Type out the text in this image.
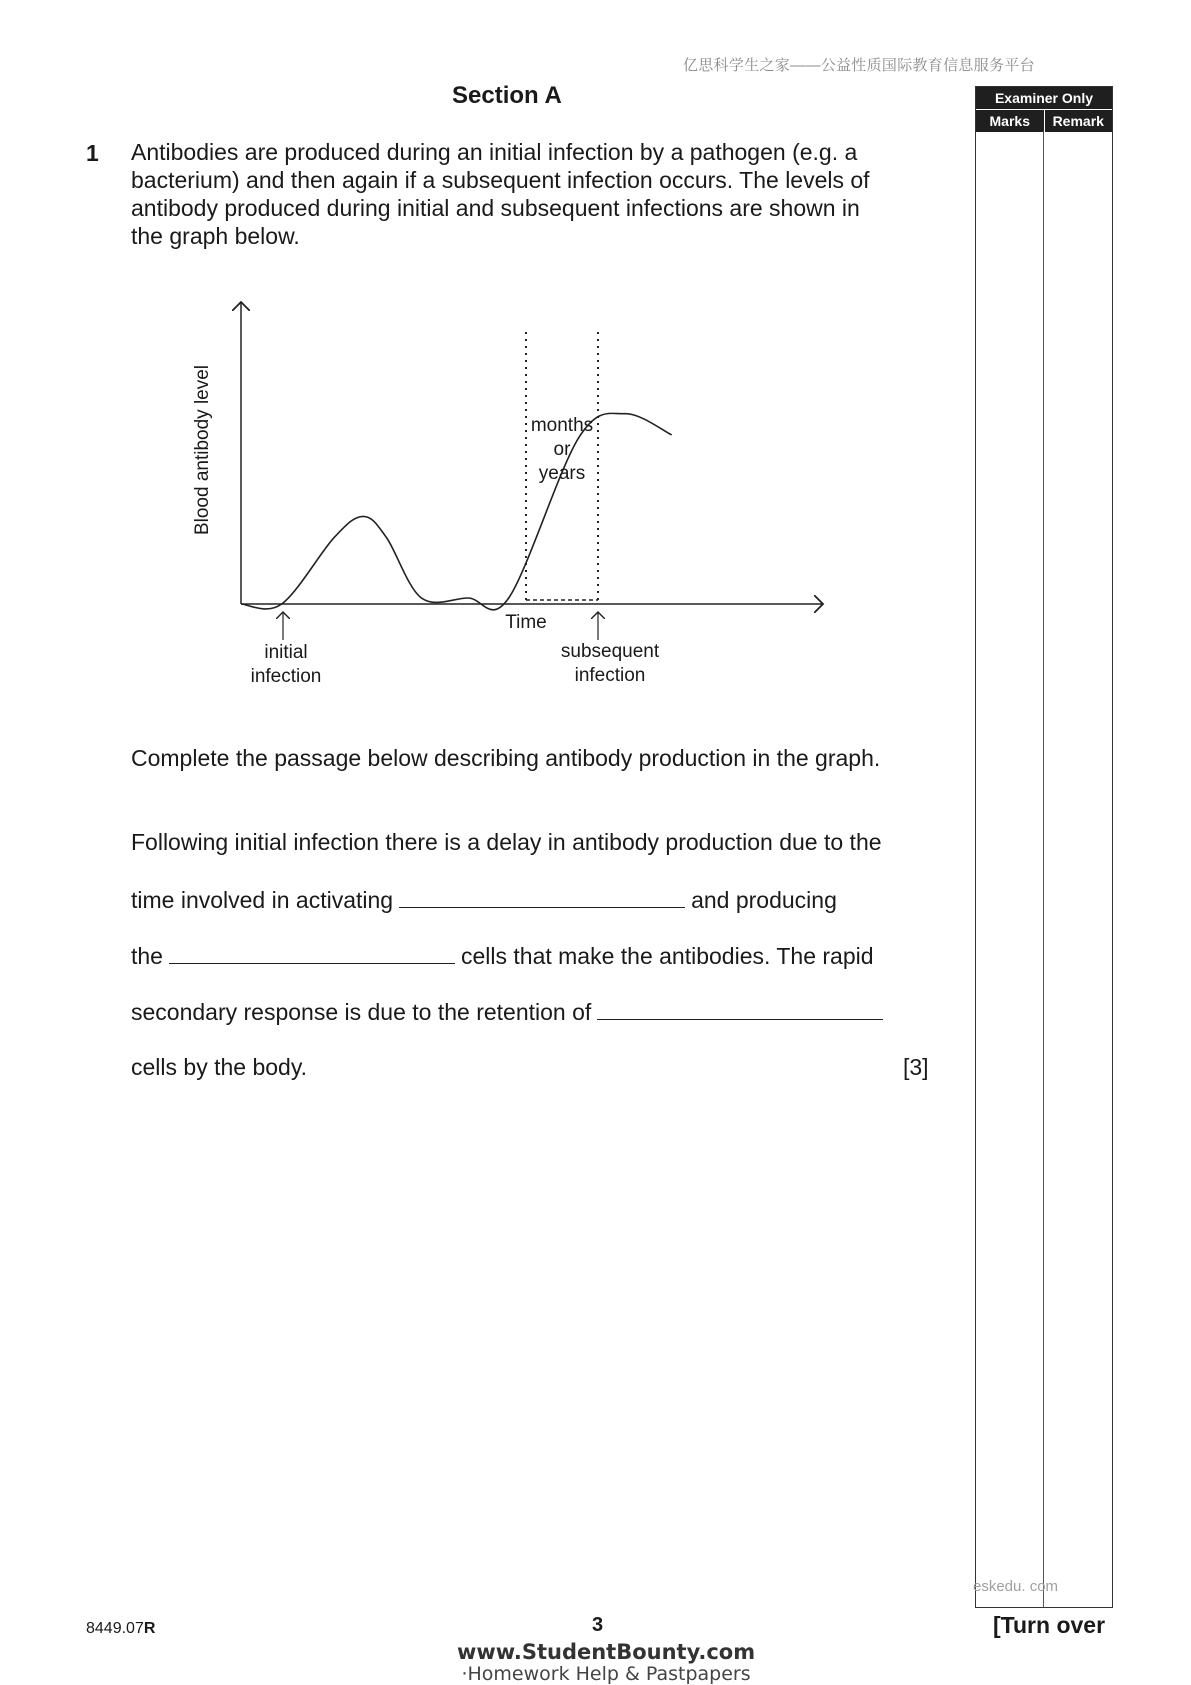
亿思科学生之家——公益性质国际教育信息服务平台
Section A	Examiner Only
Marks	Remark
1 Antibodies are produced during an initial infection by a pathogen (e.g. a
bacterium) and then again if a subsequent infection occurs. The levels of
antibody produced during initial and subsequent infections are shown in
the graph below.
Blood antibody level
Time
months
or
years
initial
infection
subsequent
infection
Complete the passage below describing antibody production in the graph.
Following initial infection there is a delay in antibody production due to the
time involved in activating	and producing
the	cells that make the antibodies. The rapid
secondary response is due to the retention of
cells by the body.	[3]
eskedu. com
8449.07R	3	[Turn over
www.StudentBounty.com
·Homework Help & Pastpapers
